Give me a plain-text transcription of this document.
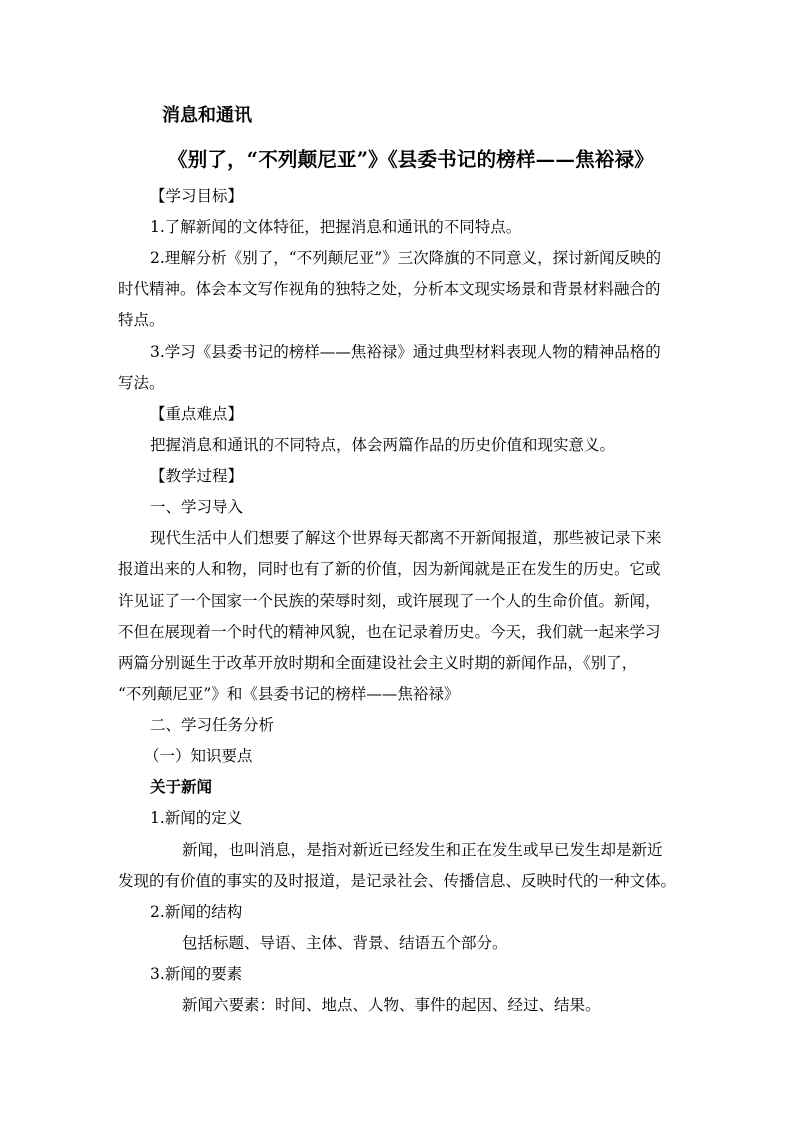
消息和通讯
《别了，“不列颠尼亚”》《县委书记的榜样——焦裕禄》
【学习目标】
1.了解新闻的文体特征，把握消息和通讯的不同特点。
2.理解分析《别了，“不列颠尼亚”》三次降旗的不同意义，探讨新闻反映的
时代精神。体会本文写作视角的独特之处，分析本文现实场景和背景材料融合的
特点。
3.学习《县委书记的榜样——焦裕禄》通过典型材料表现人物的精神品格的
写法。
【重点难点】
把握消息和通讯的不同特点，体会两篇作品的历史价值和现实意义。
【教学过程】
一、学习导入
现代生活中人们想要了解这个世界每天都离不开新闻报道，那些被记录下来
报道出来的人和物，同时也有了新的价值，因为新闻就是正在发生的历史。它或
许见证了一个国家一个民族的荣辱时刻，或许展现了一个人的生命价值。新闻，
不但在展现着一个时代的精神风貌，也在记录着历史。今天，我们就一起来学习
两篇分别诞生于改革开放时期和全面建设社会主义时期的新闻作品，《别了，
“不列颠尼亚”》和《县委书记的榜样——焦裕禄》
二、学习任务分析
（一）知识要点
关于新闻
1.新闻的定义
新闻，也叫消息，是指对新近已经发生和正在发生或早已发生却是新近
发现的有价值的事实的及时报道，是记录社会、传播信息、反映时代的一种文体。
2.新闻的结构
包括标题、导语、主体、背景、结语五个部分。
3.新闻的要素
新闻六要素：时间、地点、人物、事件的起因、经过、结果。
